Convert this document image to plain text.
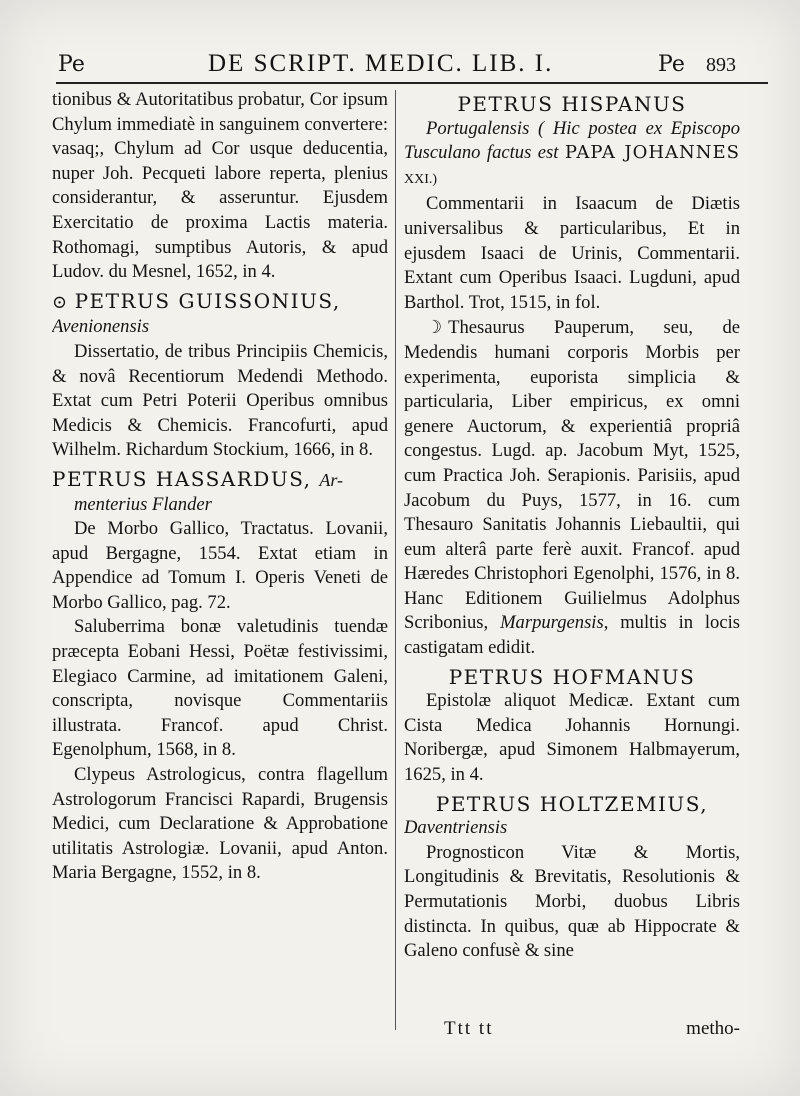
Pe	DE SCRIPT. MEDIC. LIB. I.	Pe 893

tionibus & Autoritatibus probatur, Cor ipsum Chylum immediatè in sanguinem convertere: vasaq;, Chylum ad Cor usque deducentia, nuper Joh. Pecqueti labore reperta, plenius considerantur, & asseruntur. Ejusdem Exercitatio de proxima Lactis materia. Rothomagi, sumptibus Autoris, & apud Ludov. du Mesnel, 1652, in 4.

⊙ PETRUS GUISSONIUS,

Avenionensis

Dissertatio, de tribus Principiis Chemicis, & novâ Recentiorum Medendi Methodo. Extat cum Petri Poterii Operibus omnibus Medicis & Chemicis. Francofurti, apud Wilhelm. Richardum Stockium, 1666, in 8.

PETRUS HASSARDUS, Ar-

menterius Flander

De Morbo Gallico, Tractatus. Lovanii, apud Bergagne, 1554. Extat etiam in Appendice ad Tomum I. Operis Veneti de Morbo Gallico, pag. 72.

Saluberrima bonæ valetudinis tuendæ præcepta Eobani Hessi, Poëtæ festivissimi, Elegiaco Carmine, ad imitationem Galeni, conscripta, novisque Commentariis illustrata. Francof. apud Christ. Egenolphum, 1568, in 8.

Clypeus Astrologicus, contra flagellum Astrologorum Francisci Rapardi, Brugensis Medici, cum Declaratione & Approbatione utilitatis Astrologiæ. Lovanii, apud Anton. Maria Bergagne, 1552, in 8.

PETRUS HISPANUS

Portugalensis ( Hic postea ex Episcopo Tusculano factus est PAPA JOHANNES XXI.)

Commentarii in Isaacum de Diætis universalibus & particularibus, Et in ejusdem Isaaci de Urinis, Commentarii. Extant cum Operibus Isaaci. Lugduni, apud Barthol. Trot, 1515, in fol.

☽ Thesaurus Pauperum, seu, de Medendis humani corporis Morbis per experimenta, euporista simplicia & particularia, Liber empiricus, ex omni genere Auctorum, & experientiâ propriâ congestus. Lugd. ap. Jacobum Myt, 1525, cum Practica Joh. Serapionis. Parisiis, apud Jacobum du Puys, 1577, in 16. cum Thesauro Sanitatis Johannis Liebaultii, qui eum alterâ parte ferè auxit. Francof. apud Hæredes Christophori Egenolphi, 1576, in 8. Hanc Editionem Guilielmus Adolphus Scribonius, Marpurgensis, multis in locis castigatam edidit.

PETRUS HOFMANUS

Epistolæ aliquot Medicæ. Extant cum Cista Medica Johannis Hornungi. Noribergæ, apud Simonem Halbmayerum, 1625, in 4.

PETRUS HOLTZEMIUS,

Daventriensis

Prognosticon Vitæ & Mortis, Longitudinis & Brevitatis, Resolutionis & Permutationis Morbi, duobus Libris distincta. In quibus, quæ ab Hippocrate & Galeno confusè & sine

Ttt tt	metho-
